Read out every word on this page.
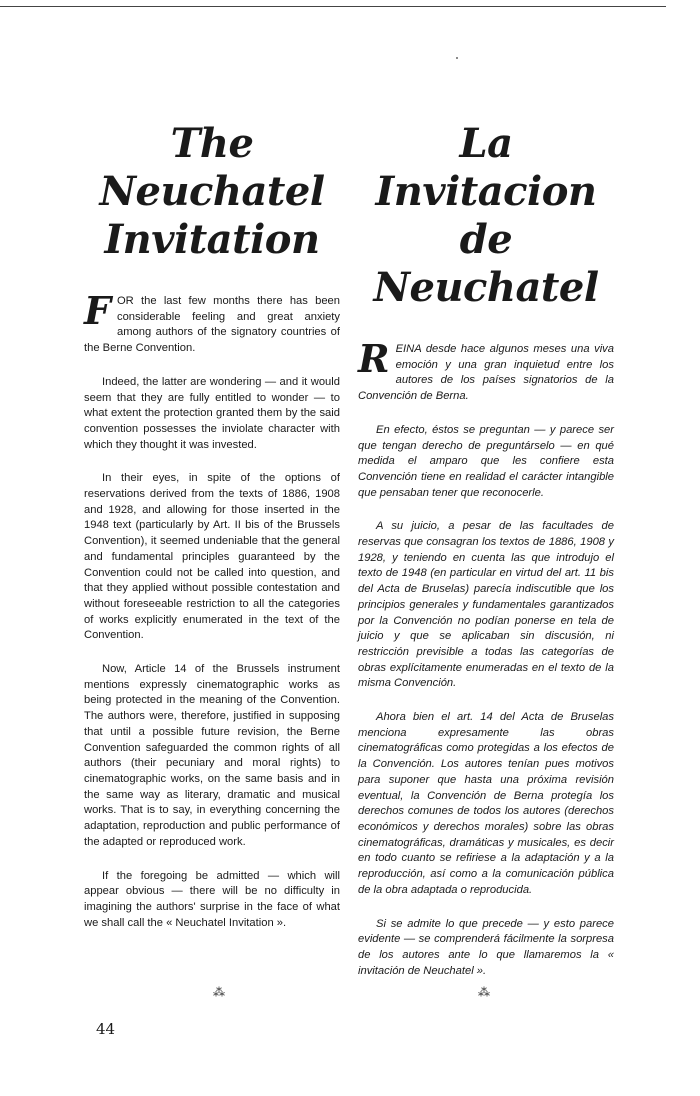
The Neuchatel
Invitation

FOR the last few months there has been considerable feeling and great anxiety among authors of the signatory countries of the Berne Convention.

Indeed, the latter are wondering — and it would seem that they are fully entitled to wonder — to what extent the protection granted them by the said convention possesses the inviolate character with which they thought it was invested.

In their eyes, in spite of the options of reservations derived from the texts of 1886, 1908 and 1928, and allowing for those inserted in the 1948 text (particularly by Art. II bis of the Brussels Convention), it seemed undeniable that the general and fundamental principles guaranteed by the Convention could not be called into question, and that they applied without possible contestation and without foreseeable restriction to all the categories of works explicitly enumerated in the text of the Convention.

Now, Article 14 of the Brussels instrument mentions expressly cinematographic works as being protected in the meaning of the Convention. The authors were, therefore, justified in supposing that until a possible future revision, the Berne Convention safeguarded the common rights of all authors (their pecuniary and moral rights) to cinematographic works, on the same basis and in the same way as literary, dramatic and musical works. That is to say, in everything concerning the adaptation, reproduction and public performance of the adapted or reproduced work.

If the foregoing be admitted — which will appear obvious — there will be no difficulty in imagining the authors' surprise in the face of what we shall call the « Neuchatel Invitation ».

La Invitacion
de Neuchatel

REINA desde hace algunos meses una viva emoción y una gran inquietud entre los autores de los países signatorios de la Convención de Berna.

En efecto, éstos se preguntan — y parece ser que tengan derecho de preguntárselo — en qué medida el amparo que les confiere esta Convención tiene en realidad el carácter intangible que pensaban tener que reconocerle.

A su juicio, a pesar de las facultades de reservas que consagran los textos de 1886, 1908 y 1928, y teniendo en cuenta las que introdujo el texto de 1948 (en particular en virtud del art. 11 bis del Acta de Bruselas) parecía indiscutible que los principios generales y fundamentales garantizados por la Convención no podían ponerse en tela de juicio y que se aplicaban sin discusión, ni restricción previsible a todas las categorías de obras explícitamente enumeradas en el texto de la misma Convención.

Ahora bien el art. 14 del Acta de Bruselas menciona expresamente las obras cinematográficas como protegidas a los efectos de la Convención. Los autores tenían pues motivos para suponer que hasta una próxima revisión eventual, la Convención de Berna protegía los derechos comunes de todos los autores (derechos económicos y derechos morales) sobre las obras cinematográficas, dramáticas y musicales, es decir en todo cuanto se refiriese a la adaptación y a la reproducción, así como a la comunicación pública de la obra adaptada o reproducida.

Si se admite lo que precede — y esto parece evidente — se comprenderá fácilmente la sorpresa de los autores ante lo que llamaremos la « invitación de Neuchatel ».

⁂	⁂
44
